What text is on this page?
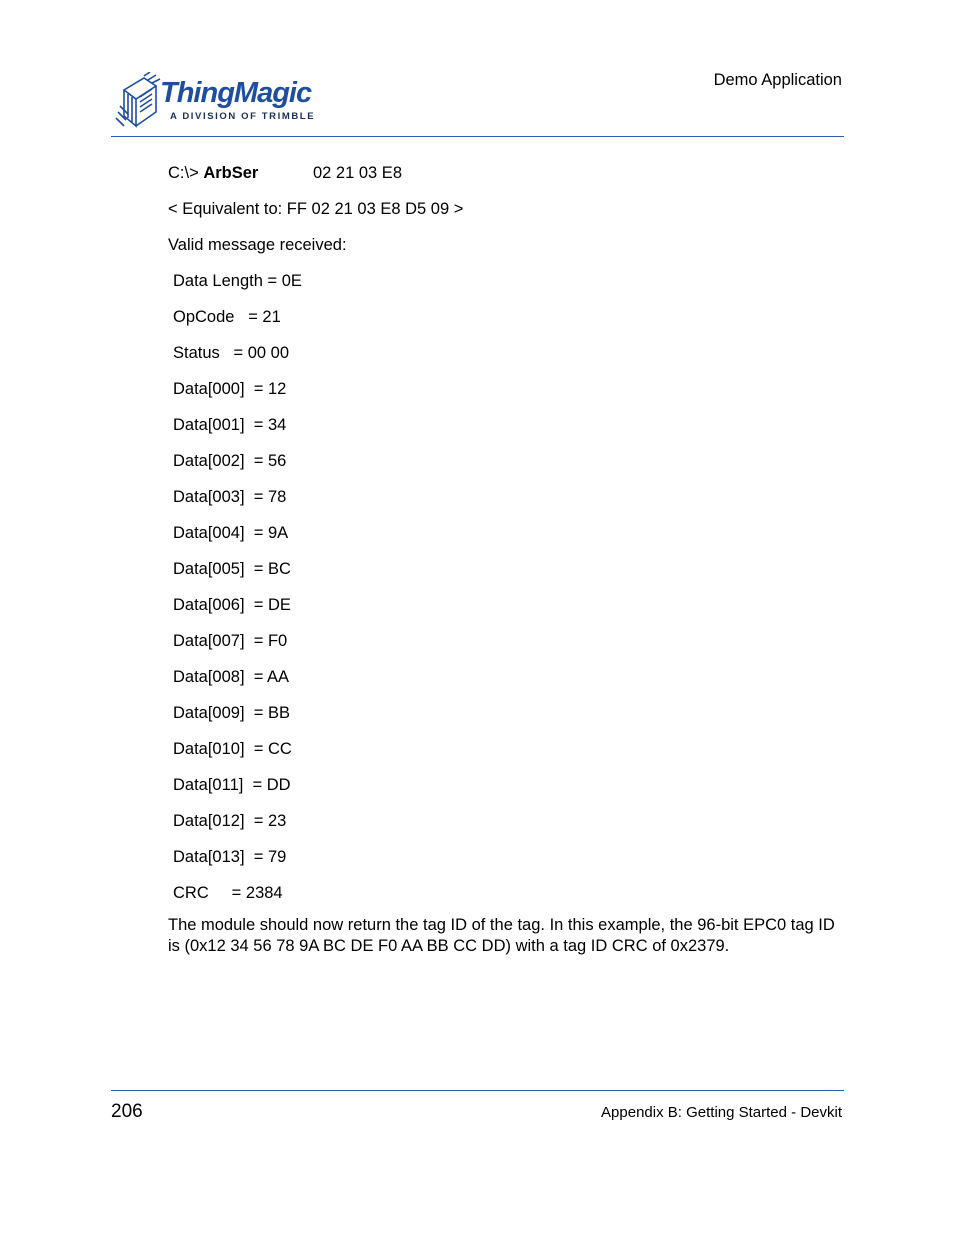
ThingMagic
A DIVISION OF TRIMBLE
Demo Application
C:\> ArbSer	02 21 03 E8
< Equivalent to: FF 02 21 03 E8 D5 09 >
Valid message received:
Data Length = 0E
OpCode   = 21
Status   = 00 00
Data[000]  = 12
Data[001]  = 34
Data[002]  = 56
Data[003]  = 78
Data[004]  = 9A
Data[005]  = BC
Data[006]  = DE
Data[007]  = F0
Data[008]  = AA
Data[009]  = BB
Data[010]  = CC
Data[011]  = DD
Data[012]  = 23
Data[013]  = 79
CRC     = 2384
The module should now return the tag ID of the tag. In this example, the 96-bit EPC0 tag ID is (0x12 34 56 78 9A BC DE F0 AA BB CC DD) with a tag ID CRC of 0x2379.
206	Appendix B: Getting Started - Devkit
